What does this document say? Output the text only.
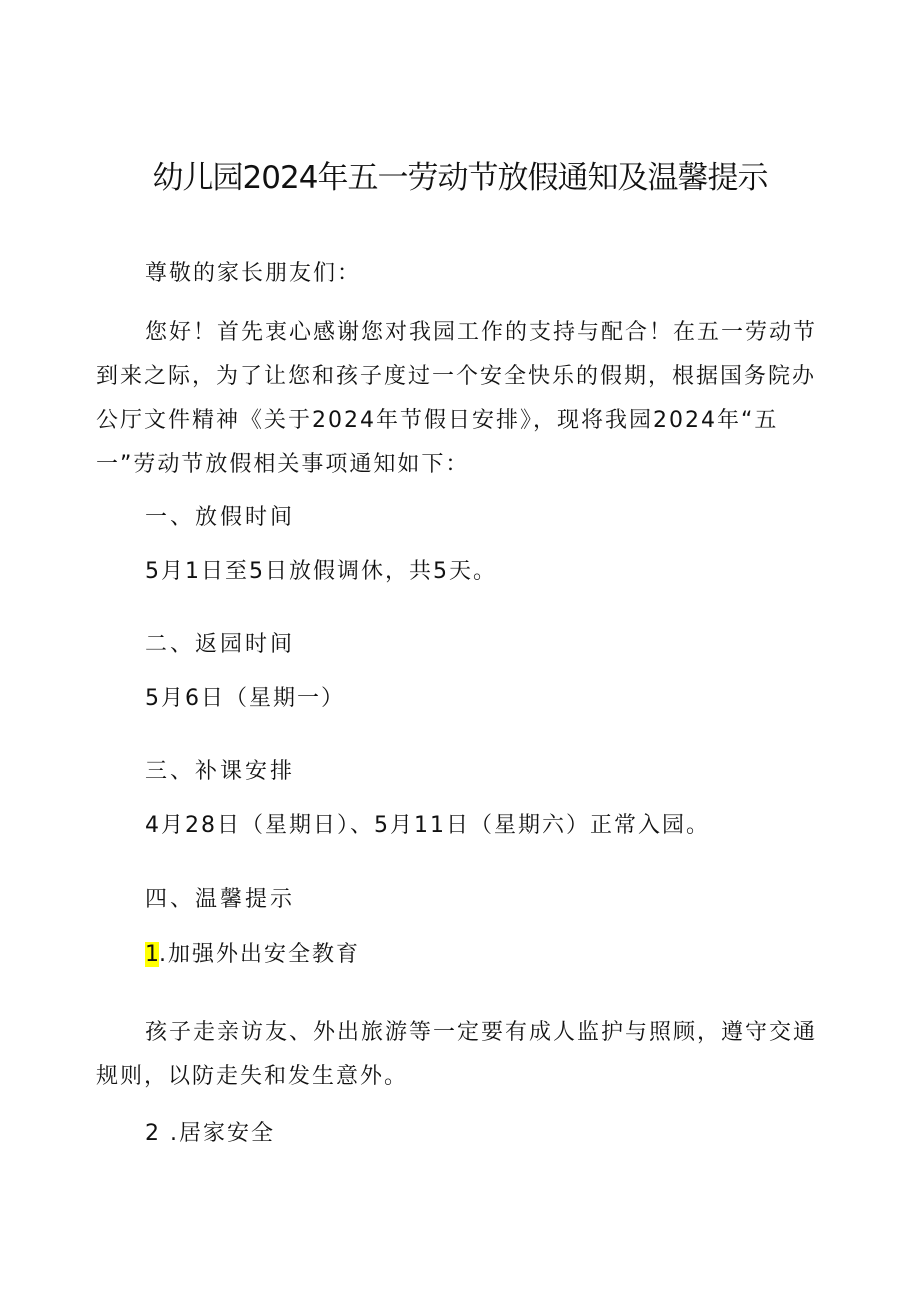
幼儿园2024年五一劳动节放假通知及温馨提示
尊敬的家长朋友们：
您好！首先衷心感谢您对我园工作的支持与配合！在五一劳动节到来之际，为了让您和孩子度过一个安全快乐的假期，根据国务院办公厅文件精神《关于2024年节假日安排》，现将我园2024年“五一”劳动节放假相关事项通知如下：
一、放假时间
5月1日至5日放假调休，共5天。
二、返园时间
5月6日（星期一）
三、补课安排
4月28日（星期日）、5月11日（星期六）正常入园。
四、温馨提示
1.加强外出安全教育
孩子走亲访友、外出旅游等一定要有成人监护与照顾，遵守交通规则，以防走失和发生意外。
2 .居家安全
